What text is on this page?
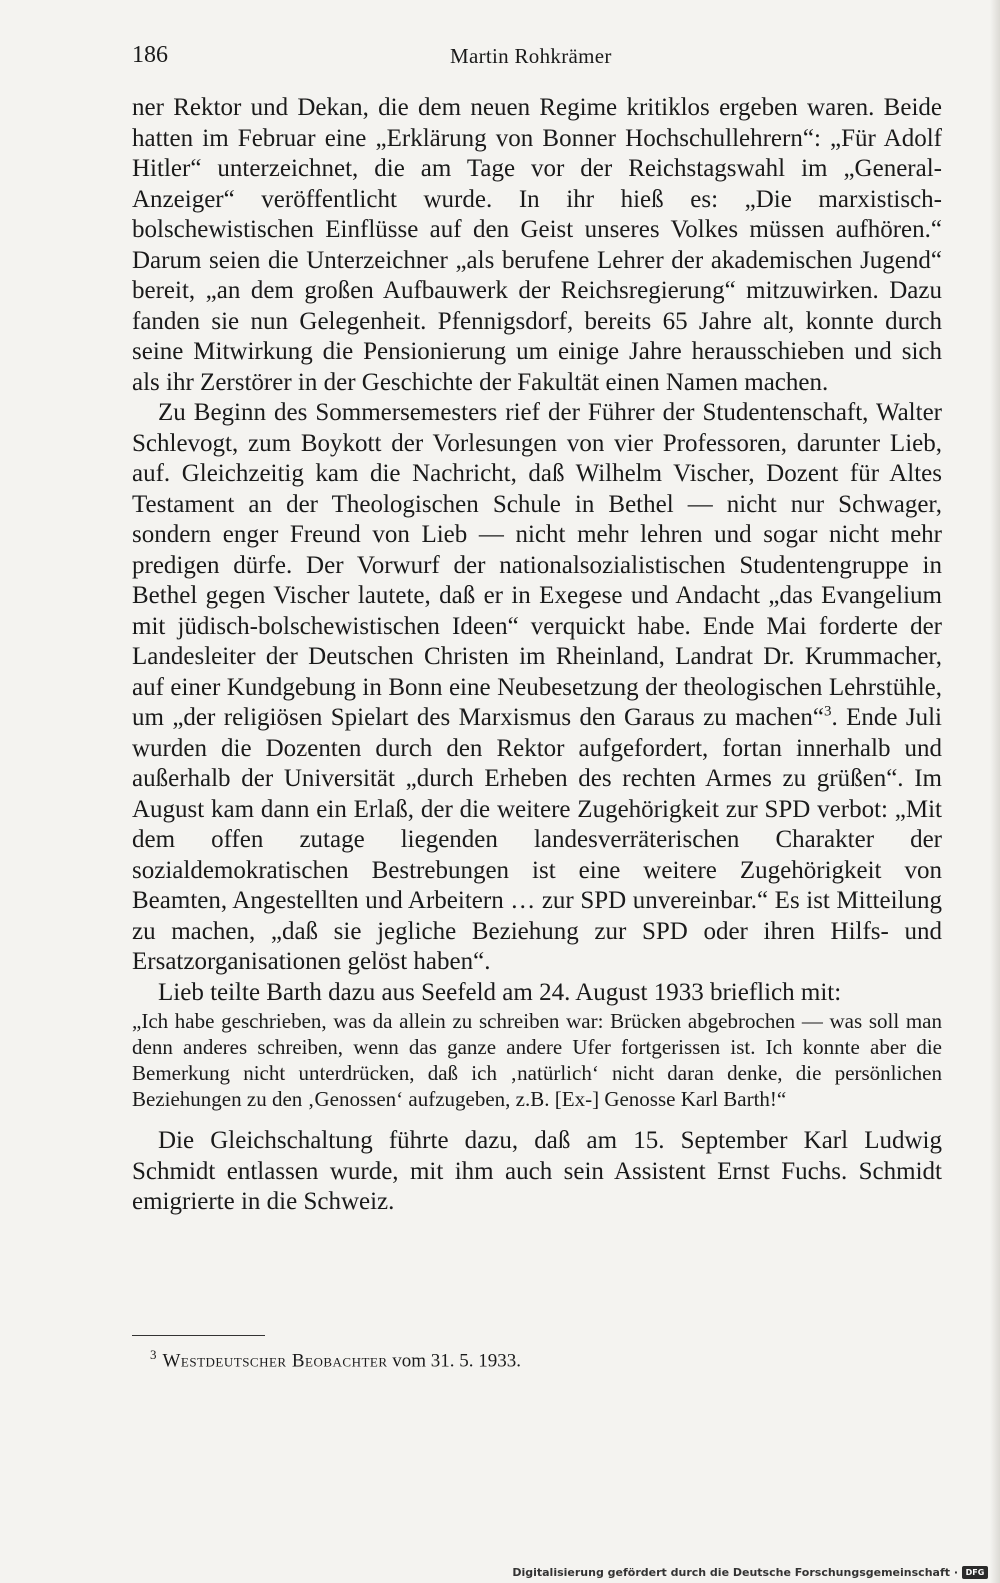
186	Martin Rohkrämer

ner Rektor und Dekan, die dem neuen Regime kritiklos ergeben waren. Beide hatten im Februar eine „Erklärung von Bonner Hochschullehrern“: „Für Adolf Hitler“ unterzeichnet, die am Tage vor der Reichstagswahl im „General-Anzeiger“ veröffentlicht wurde. In ihr hieß es: „Die marxistisch-bolschewistischen Einflüsse auf den Geist unseres Volkes müssen aufhören.“ Darum seien die Unterzeichner „als berufene Lehrer der akademischen Jugend“ bereit, „an dem großen Aufbauwerk der Reichsregierung“ mitzuwirken. Dazu fanden sie nun Gelegenheit. Pfennigsdorf, bereits 65 Jahre alt, konnte durch seine Mitwirkung die Pensionierung um einige Jahre herausschieben und sich als ihr Zerstörer in der Geschichte der Fakultät einen Namen machen.

Zu Beginn des Sommersemesters rief der Führer der Studentenschaft, Walter Schlevogt, zum Boykott der Vorlesungen von vier Professoren, darunter Lieb, auf. Gleichzeitig kam die Nachricht, daß Wilhelm Vischer, Dozent für Altes Testament an der Theologischen Schule in Bethel — nicht nur Schwager, sondern enger Freund von Lieb — nicht mehr lehren und sogar nicht mehr predigen dürfe. Der Vorwurf der nationalsozialistischen Studentengruppe in Bethel gegen Vischer lautete, daß er in Exegese und Andacht „das Evangelium mit jüdisch-bolschewistischen Ideen“ verquickt habe. Ende Mai forderte der Landesleiter der Deutschen Christen im Rheinland, Landrat Dr. Krummacher, auf einer Kundgebung in Bonn eine Neubesetzung der theologischen Lehrstühle, um „der religiösen Spielart des Marxismus den Garaus zu machen“$^3$. Ende Juli wurden die Dozenten durch den Rektor aufgefordert, fortan innerhalb und außerhalb der Universität „durch Erheben des rechten Armes zu grüßen“. Im August kam dann ein Erlaß, der die weitere Zugehörigkeit zur SPD verbot: „Mit dem offen zutage liegenden landesverräterischen Charakter der sozialdemokratischen Bestrebungen ist eine weitere Zugehörigkeit von Beamten, Angestellten und Arbeitern … zur SPD unvereinbar.“ Es ist Mitteilung zu machen, „daß sie jegliche Beziehung zur SPD oder ihren Hilfs- und Ersatzorganisationen gelöst haben“.

Lieb teilte Barth dazu aus Seefeld am 24. August 1933 brieflich mit:

„Ich habe geschrieben, was da allein zu schreiben war: Brücken abgebrochen — was soll man denn anderes schreiben, wenn das ganze andere Ufer fortgerissen ist. Ich konnte aber die Bemerkung nicht unterdrücken, daß ich ‚natürlich‘ nicht daran denke, die persönlichen Beziehungen zu den ‚Genossen‘ aufzugeben, z.B. [Ex-] Genosse Karl Barth!“

Die Gleichschaltung führte dazu, daß am 15. September Karl Ludwig Schmidt entlassen wurde, mit ihm auch sein Assistent Ernst Fuchs. Schmidt emigrierte in die Schweiz.

$^3$ Westdeutscher Beobachter vom 31. 5. 1933.
Digitalisierung gefördert durch die Deutsche Forschungsgemeinschaft · DFG
